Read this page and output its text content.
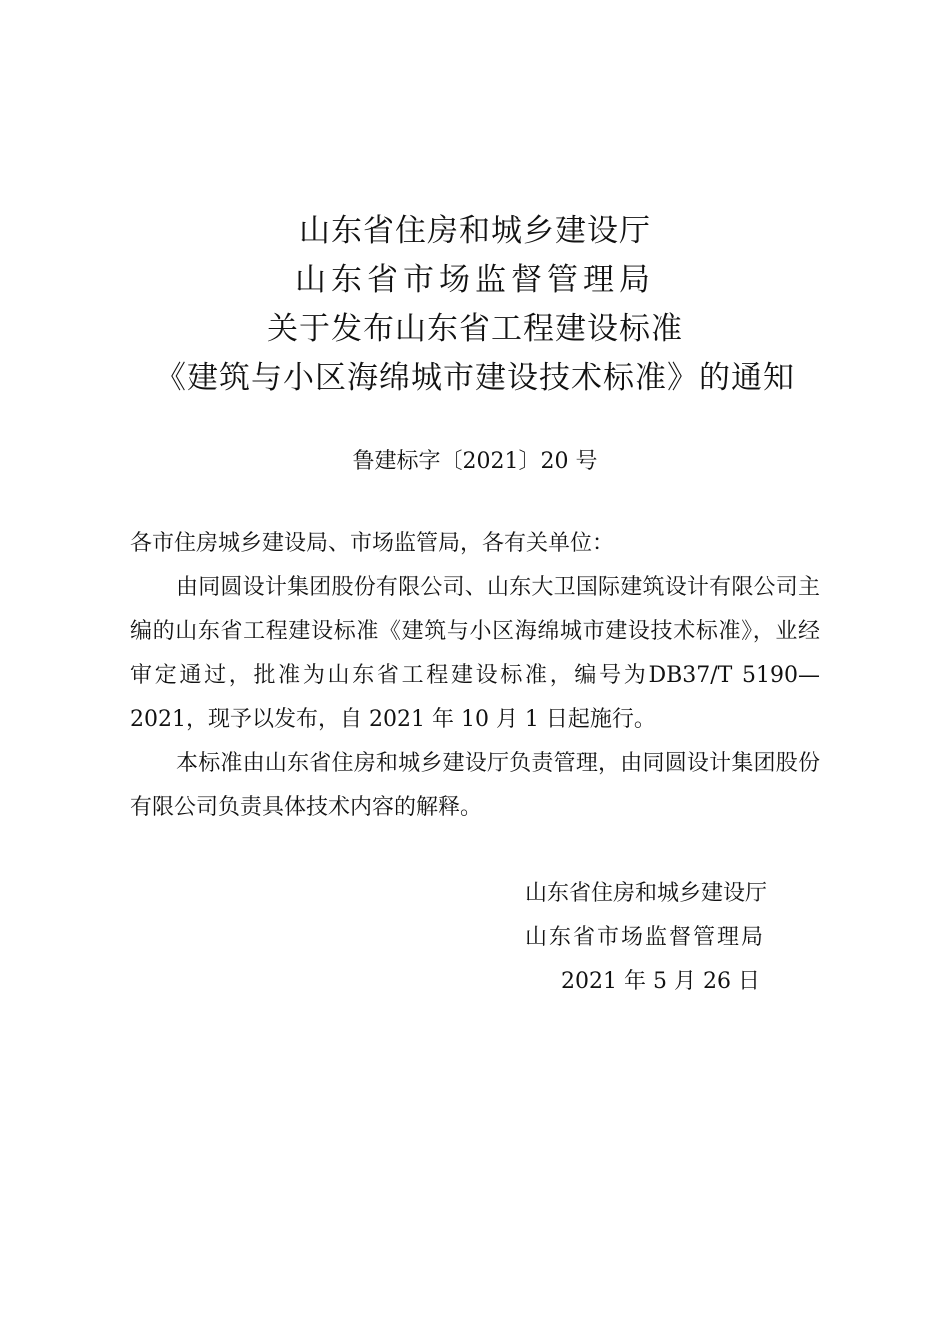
山东省住房和城乡建设厅
山东省市场监督管理局
关于发布山东省工程建设标准
《建筑与小区海绵城市建设技术标准》的通知
鲁建标字〔2021〕20 号

各市住房城乡建设局、市场监管局，各有关单位：

由同圆设计集团股份有限公司、山东大卫国际建筑设计有限公司主编的山东省工程建设标准《建筑与小区海绵城市建设技术标准》，业经审定通过，批准为山东省工程建设标准，编号为DB37/T 5190—2021，现予以发布，自 2021 年 10 月 1 日起施行。

本标准由山东省住房和城乡建设厅负责管理，由同圆设计集团股份有限公司负责具体技术内容的解释。

山东省住房和城乡建设厅
山东省市场监督管理局
2021 年 5 月 26 日
